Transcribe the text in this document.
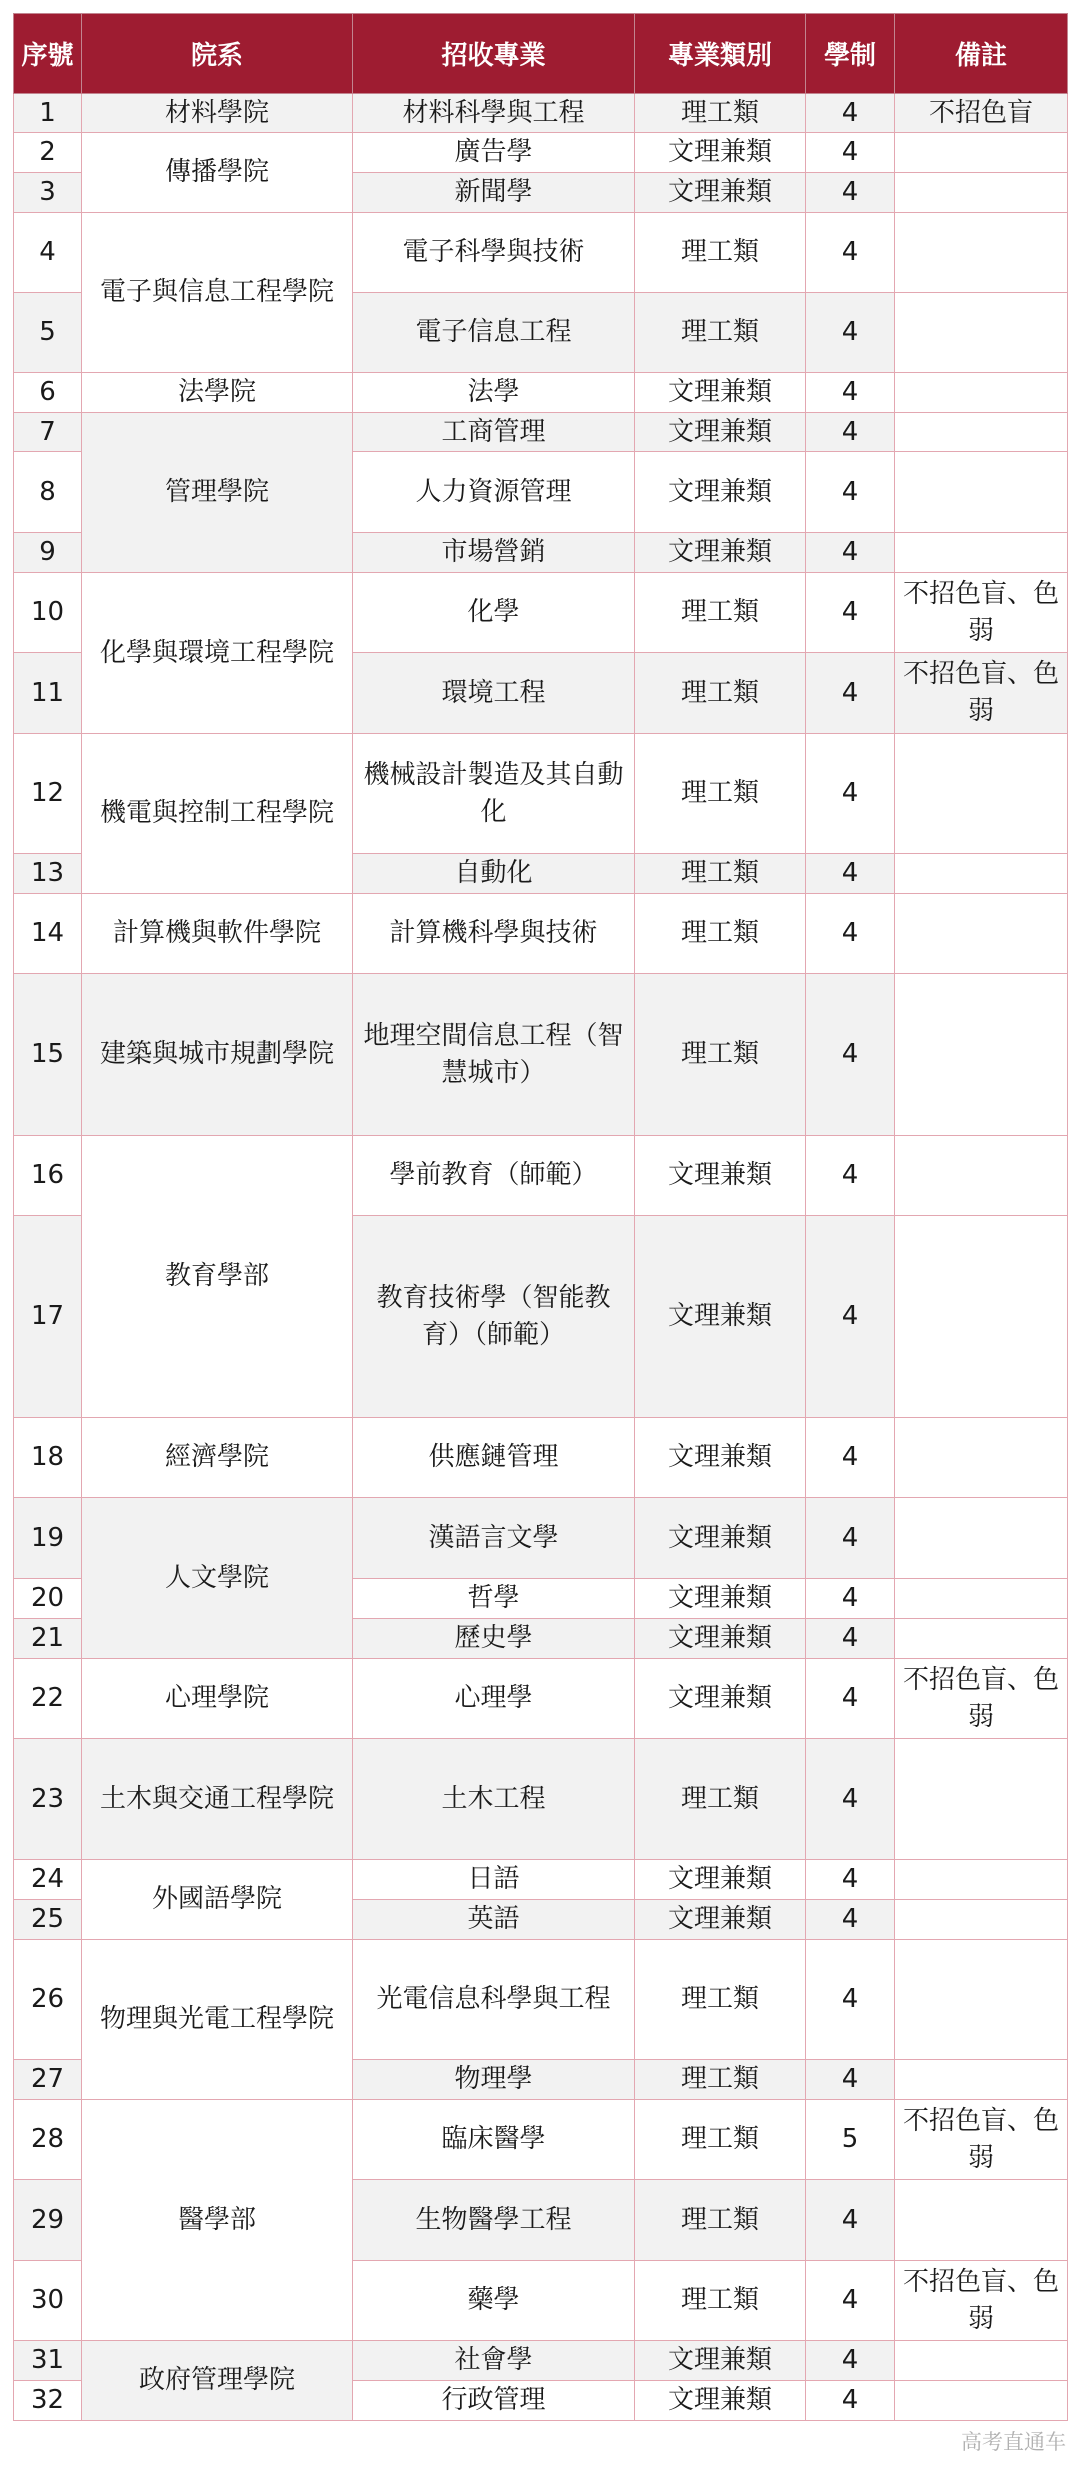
序號	院系	招收專業	專業類別	學制	備註
1	材料學院	材料科學與工程	理工類	4	不招色盲
2	傳播學院	廣告學	文理兼類	4	
3		新聞學	文理兼類	4	
4	電子與信息工程學院	電子科學與技術	理工類	4	
5		電子信息工程	理工類	4	
6	法學院	法學	文理兼類	4	
7	管理學院	工商管理	文理兼類	4	
8		人力資源管理	文理兼類	4	
9		市場營銷	文理兼類	4	
10	化學與環境工程學院	化學	理工類	4	不招色盲、色弱
11		環境工程	理工類	4	不招色盲、色弱
12	機電與控制工程學院	機械設計製造及其自動化	理工類	4	
13		自動化	理工類	4	
14	計算機與軟件學院	計算機科學與技術	理工類	4	
15	建築與城市規劃學院	地理空間信息工程（智慧城市）	理工類	4	
16	教育學部	學前教育（師範）	文理兼類	4	
17		教育技術學（智能教育）（師範）	文理兼類	4	
18	經濟學院	供應鏈管理	文理兼類	4	
19	人文學院	漢語言文學	文理兼類	4	
20		哲學	文理兼類	4	
21		歷史學	文理兼類	4	
22	心理學院	心理學	文理兼類	4	不招色盲、色弱
23	土木與交通工程學院	土木工程	理工類	4	
24	外國語學院	日語	文理兼類	4	
25		英語	文理兼類	4	
26	物理與光電工程學院	光電信息科學與工程	理工類	4	
27		物理學	理工類	4	
28	醫學部	臨床醫學	理工類	5	不招色盲、色弱
29		生物醫學工程	理工類	4	
30		藥學	理工類	4	不招色盲、色弱
31	政府管理學院	社會學	文理兼類	4	
32		行政管理	文理兼類	4	
高考直通车
